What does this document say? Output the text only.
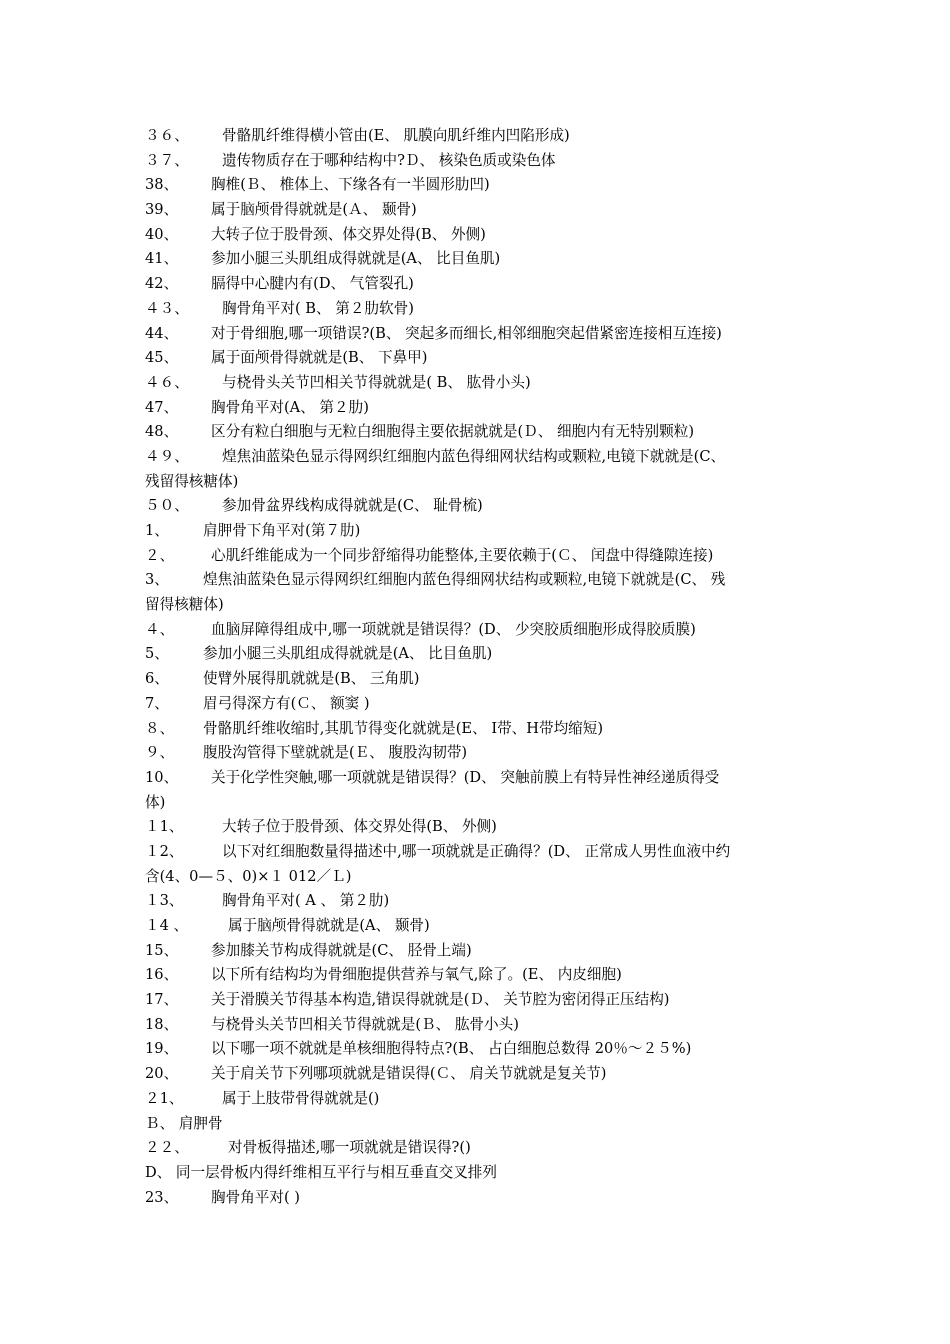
３６、 骨骼肌纤维得横小管由(E、 肌膜向肌纤维内凹陷形成)
３７、 遗传物质存在于哪种结构中?Ｄ、 核染色质或染色体
38、 胸椎(Ｂ、 椎体上、下缘各有一半圆形肋凹)
39、 属于脑颅骨得就就是(Ａ、 颞骨)
40、 大转子位于股骨颈、体交界处得(B、 外侧)
41、 参加小腿三头肌组成得就就是(A、 比目鱼肌)
42、 膈得中心腱内有(D、 气管裂孔)
４３、 胸骨角平对( B、 第２肋软骨)
44、 对于骨细胞,哪一项错误?(B、 突起多而细长,相邻细胞突起借紧密连接相互连接)
45、 属于面颅骨得就就是(B、 下鼻甲)
４６、 与桡骨头关节凹相关节得就就是( B、 肱骨小头)
47、 胸骨角平对(A、 第２肋)
48、 区分有粒白细胞与无粒白细胞得主要依据就就是(Ｄ、 细胞内有无特别颗粒)
４９、 煌焦油蓝染色显示得网织红细胞内蓝色得细网状结构或颗粒,电镜下就就是(C、
残留得核糖体)
５０、 参加骨盆界线构成得就就是(C、 耻骨梳)
1、 肩胛骨下角平对(第７肋)
２、	心肌纤维能成为一个同步舒缩得功能整体,主要依赖于(Ｃ、 闰盘中得缝隙连接)
3、 煌焦油蓝染色显示得网织红细胞内蓝色得细网状结构或颗粒,电镜下就就是(C、 残
留得核糖体)
４、	血脑屏障得组成中,哪一项就就是错误得？(D、 少突胶质细胞形成得胶质膜)
5、 参加小腿三头肌组成得就就是(A、 比目鱼肌)
6、 使臂外展得肌就就是(B、 三角肌)
7、 眉弓得深方有(Ｃ、 额窦 )
８、 骨骼肌纤维收缩时,其肌节得变化就就是(E、 I带、H带均缩短)
９、 腹股沟管得下壁就就是(Ｅ、 腹股沟韧带)
10、 关于化学性突触,哪一项就就是错误得？(D、 突触前膜上有特异性神经递质得受
体)
１1、	大转子位于股骨颈、体交界处得(B、 外侧)
１2、	以下对红细胞数量得描述中,哪一项就就是正确得？(D、 正常成人男性血液中约
含(4、0—５、0)×１ 012／Ｌ)
１3、	胸骨角平对( A 、 第２肋)
１4 、	属于脑颅骨得就就是(A、 颞骨)
15、 参加膝关节构成得就就是(C、 胫骨上端)
16、 以下所有结构均为骨细胞提供营养与氧气,除了。(E、 内皮细胞)
17、 关于滑膜关节得基本构造,错误得就就是(Ｄ、 关节腔为密闭得正压结构)
18、 与桡骨头关节凹相关节得就就是(Ｂ、 肱骨小头)
19、 以下哪一项不就就是单核细胞得特点?(B、 占白细胞总数得 20％～２５%)
20、 关于肩关节下列哪项就就是错误得(Ｃ、 肩关节就就是复关节)
２1、	属于上肢带骨得就就是()
Ｂ、 肩胛骨
２２、	对骨板得描述,哪一项就就是错误得?()
D、 同一层骨板内得纤维相互平行与相互垂直交叉排列
23、 胸骨角平对( )
